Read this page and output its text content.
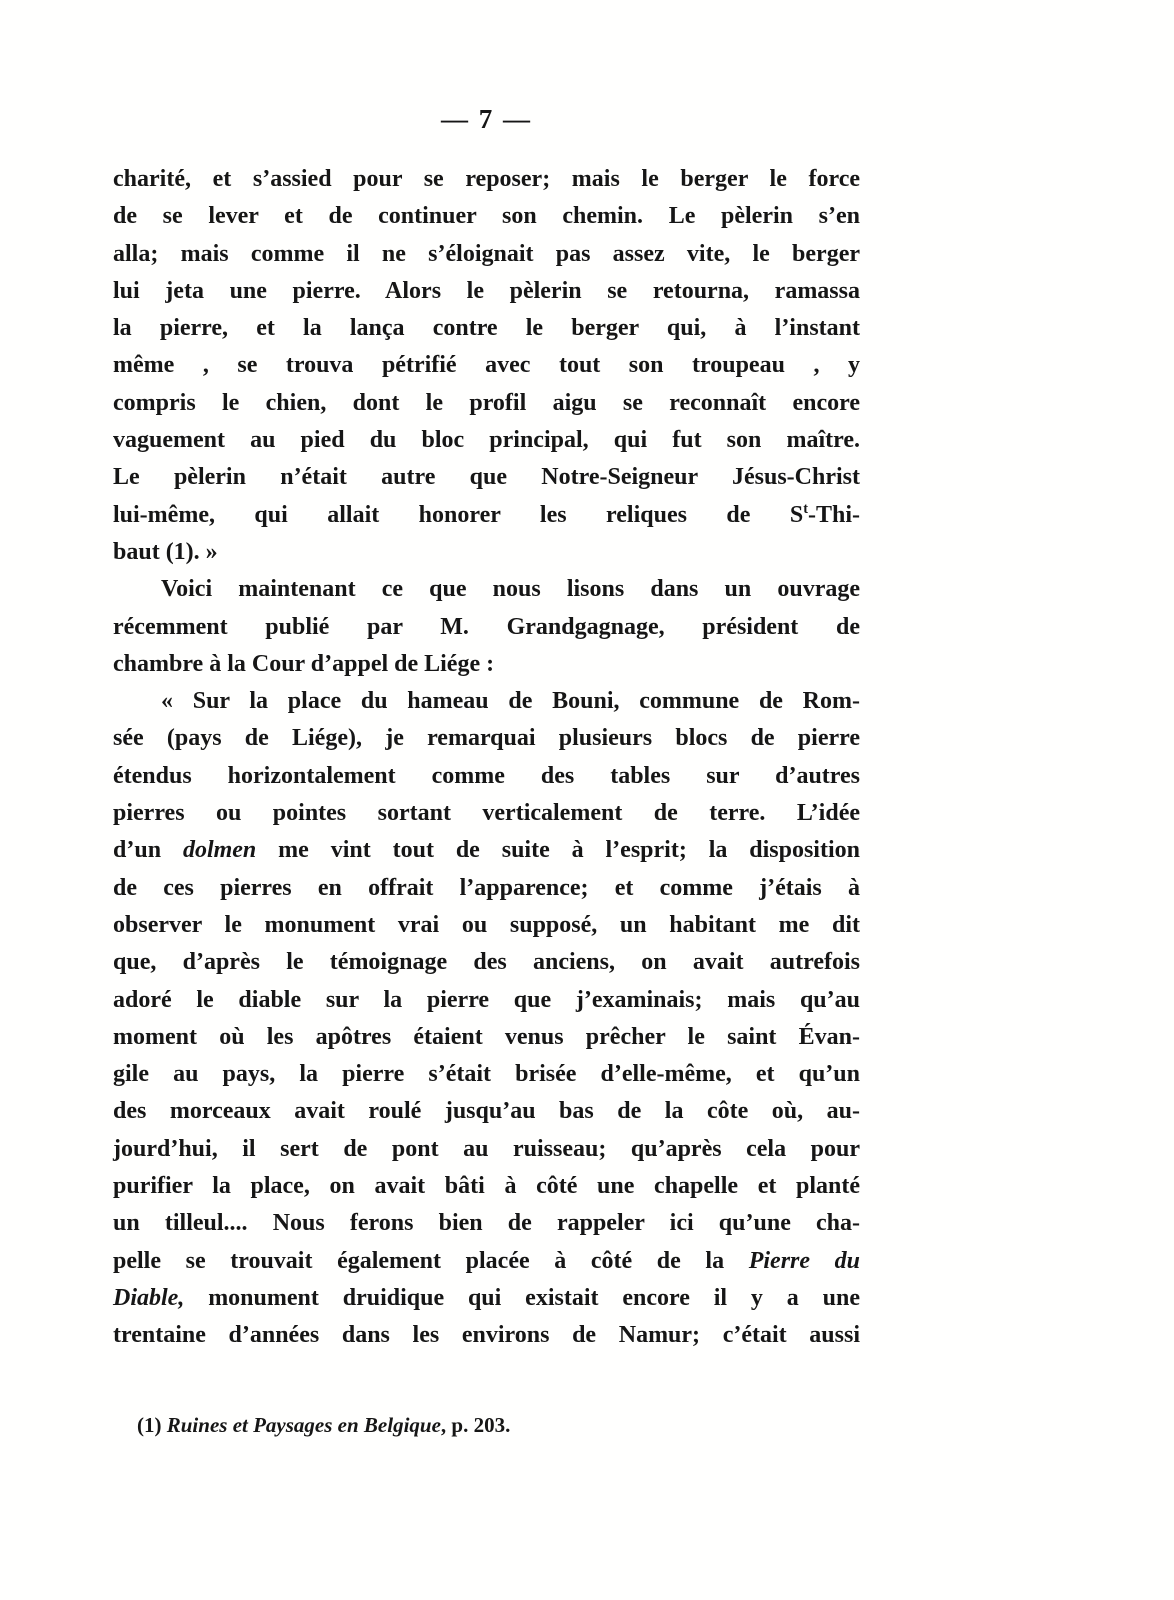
— 7 —
charité, et s’assied pour se reposer; mais le berger le force
de se lever et de continuer son chemin. Le pèlerin s’en
alla; mais comme il ne s’éloignait pas assez vite, le berger
lui jeta une pierre. Alors le pèlerin se retourna, ramassa
la pierre, et la lança contre le berger qui, à l’instant
même , se trouva pétrifié avec tout son troupeau , y
compris le chien, dont le profil aigu se reconnaît encore
vaguement au pied du bloc principal, qui fut son maître.
Le pèlerin n’était autre que Notre-Seigneur Jésus-Christ
lui-même, qui allait honorer les reliques de $S^t-Thi-$
baut (1). »
Voici maintenant ce que nous lisons dans un ouvrage
récemment publié par M. Grandgagnage, président de
chambre à la Cour d’appel de Liége :
« Sur la place du hameau de Bouni, commune de Rom-
sée (pays de Liége), je remarquai plusieurs blocs de pierre
étendus horizontalement comme des tables sur d’autres
pierres ou pointes sortant verticalement de terre. L’idée
d’un dolmen me vint tout de suite à l’esprit; la disposition
de ces pierres en offrait l’apparence; et comme j’étais à
observer le monument vrai ou supposé, un habitant me dit
que, d’après le témoignage des anciens, on avait autrefois
adoré le diable sur la pierre que j’examinais; mais qu’au
moment où les apôtres étaient venus prêcher le saint Évan-
gile au pays, la pierre s’était brisée d’elle-même, et qu’un
des morceaux avait roulé jusqu’au bas de la côte où, au-
jourd’hui, il sert de pont au ruisseau; qu’après cela pour
purifier la place, on avait bâti à côté une chapelle et planté
un tilleul.... Nous ferons bien de rappeler ici qu’une cha-
pelle se trouvait également placée à côté de la Pierre du
Diable, monument druidique qui existait encore il y a une
trentaine d’années dans les environs de Namur; c’était aussi
(1) Ruines et Paysages en Belgique, p. 203.
